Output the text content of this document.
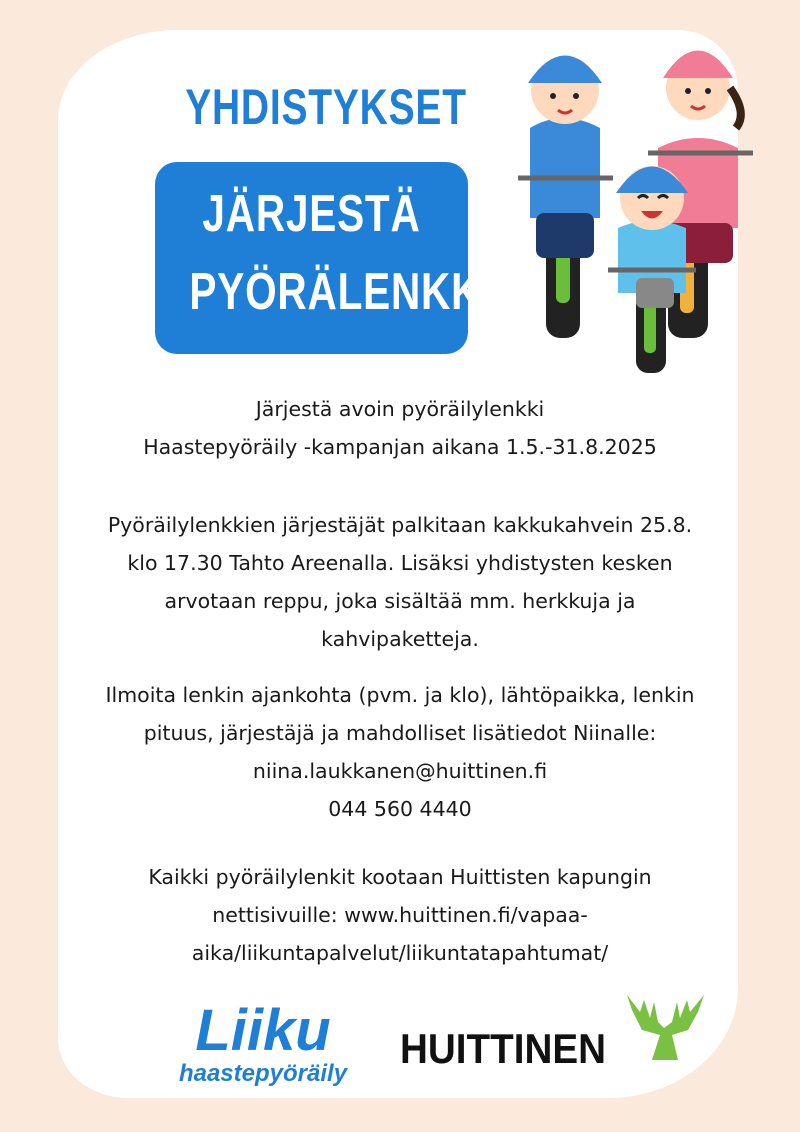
YHDISTYKSET
JÄRJESTÄ
PYÖRÄLENKKI
Järjestä avoin pyöräilylenkki
Haastepyöräily -kampanjan aikana 1.5.-31.8.2025
Pyöräilylenkkien järjestäjät palkitaan kakkukahvein 25.8.
klo 17.30 Tahto Areenalla. Lisäksi yhdistysten kesken
arvotaan reppu, joka sisältää mm. herkkuja ja
kahvipaketteja.
Ilmoita lenkin ajankohta (pvm. ja klo), lähtöpaikka, lenkin
pituus, järjestäjä ja mahdolliset lisätiedot Niinalle:
niina.laukkanen@huittinen.fi
044 560 4440
Kaikki pyöräilylenkit kootaan Huittisten kapungin
nettisivuille: www.huittinen.fi/vapaa-
aika/liikuntapalvelut/liikuntatapahtumat/
Liiku
haastepyöräily
HUITTINEN
